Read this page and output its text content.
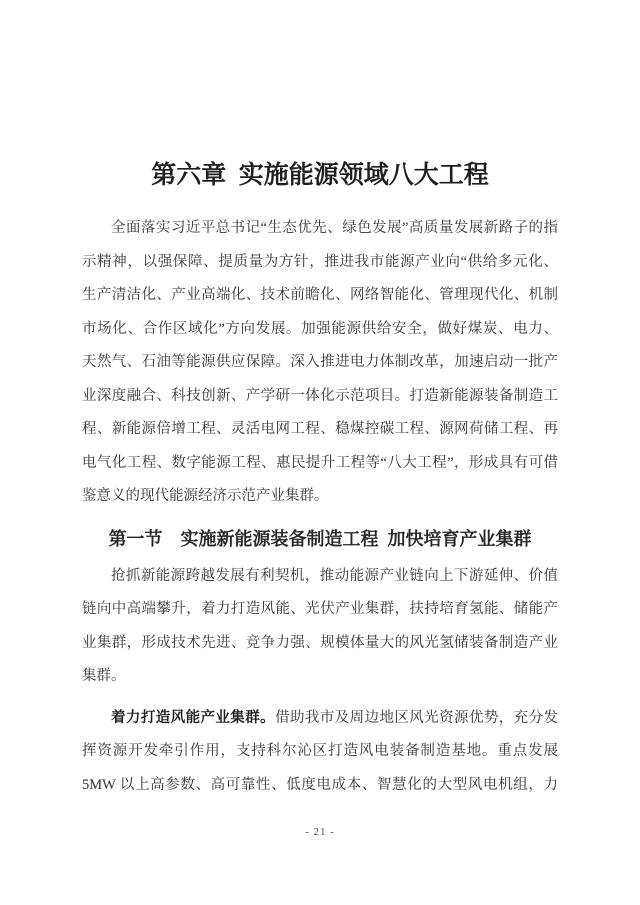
第六章 实施能源领域八大工程
全面落实习近平总书记“生态优先、绿色发展”高质量发展新路子的指
示精神，以强保障、提质量为方针，推进我市能源产业向“供给多元化、
生产清洁化、产业高端化、技术前瞻化、网络智能化、管理现代化、机制
市场化、合作区域化”方向发展。加强能源供给安全，做好煤炭、电力、
天然气、石油等能源供应保障。深入推进电力体制改革，加速启动一批产
业深度融合、科技创新、产学研一体化示范项目。打造新能源装备制造工
程、新能源倍增工程、灵活电网工程、稳煤控碳工程、源网荷储工程、再
电气化工程、数字能源工程、惠民提升工程等“八大工程”，形成具有可借
鉴意义的现代能源经济示范产业集群。
第一节　实施新能源装备制造工程 加快培育产业集群
抢抓新能源跨越发展有利契机，推动能源产业链向上下游延伸、价值
链向中高端攀升，着力打造风能、光伏产业集群，扶持培育氢能、储能产
业集群，形成技术先进、竞争力强、规模体量大的风光氢储装备制造产业
集群。
着力打造风能产业集群。借助我市及周边地区风光资源优势，充分发
挥资源开发牵引作用，支持科尔沁区打造风电装备制造基地。重点发展
5MW 以上高参数、高可靠性、低度电成本、智慧化的大型风电机组，力
- 21 -
